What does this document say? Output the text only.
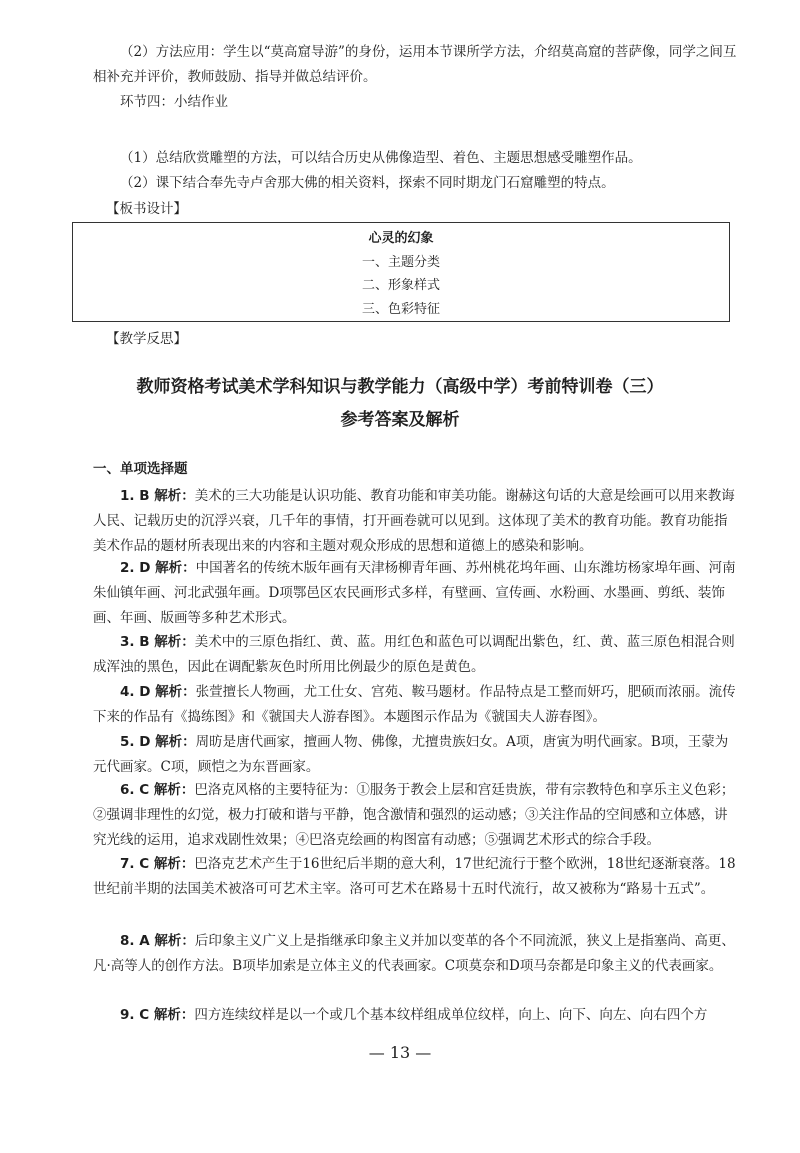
（2）方法应用：学生以“莫高窟导游”的身份，运用本节课所学方法，介绍莫高窟的菩萨像，同学之间互相补充并评价，教师鼓励、指导并做总结评价。

环节四：小结作业

（1）总结欣赏雕塑的方法，可以结合历史从佛像造型、着色、主题思想感受雕塑作品。

（2）课下结合奉先寺卢舍那大佛的相关资料，探索不同时期龙门石窟雕塑的特点。

【板书设计】

心灵的幻象
一、主题分类
二、形象样式
三、色彩特征

【教学反思】

教师资格考试美术学科知识与教学能力（高级中学）考前特训卷（三）
参考答案及解析

一、单项选择题

1. B 解析：美术的三大功能是认识功能、教育功能和审美功能。谢赫这句话的大意是绘画可以用来教诲人民、记载历史的沉浮兴衰，几千年的事情，打开画卷就可以见到。这体现了美术的教育功能。教育功能指美术作品的题材所表现出来的内容和主题对观众形成的思想和道德上的感染和影响。

2. D 解析：中国著名的传统木版年画有天津杨柳青年画、苏州桃花坞年画、山东潍坊杨家埠年画、河南朱仙镇年画、河北武强年画。D项鄂邑区农民画形式多样，有壁画、宣传画、水粉画、水墨画、剪纸、装饰画、年画、版画等多种艺术形式。

3. B 解析：美术中的三原色指红、黄、蓝。用红色和蓝色可以调配出紫色，红、黄、蓝三原色相混合则成浑浊的黑色，因此在调配紫灰色时所用比例最少的原色是黄色。

4. D 解析：张萱擅长人物画，尤工仕女、宫苑、鞍马题材。作品特点是工整而妍巧，肥硕而浓丽。流传下来的作品有《捣练图》和《虢国夫人游春图》。本题图示作品为《虢国夫人游春图》。

5. D 解析：周昉是唐代画家，擅画人物、佛像，尤擅贵族妇女。A项，唐寅为明代画家。B项，王蒙为元代画家。C项，顾恺之为东晋画家。

6. C 解析：巴洛克风格的主要特征为：①服务于教会上层和宫廷贵族，带有宗教特色和享乐主义色彩；②强调非理性的幻觉，极力打破和谐与平静，饱含激情和强烈的运动感；③关注作品的空间感和立体感，讲究光线的运用，追求戏剧性效果；④巴洛克绘画的构图富有动感；⑤强调艺术形式的综合手段。

7. C 解析：巴洛克艺术产生于16世纪后半期的意大利，17世纪流行于整个欧洲，18世纪逐渐衰落。18世纪前半期的法国美术被洛可可艺术主宰。洛可可艺术在路易十五时代流行，故又被称为“路易十五式”。

8. A 解析：后印象主义广义上是指继承印象主义并加以变革的各个不同流派，狭义上是指塞尚、高更、凡·高等人的创作方法。B项毕加索是立体主义的代表画家。C项莫奈和D项马奈都是印象主义的代表画家。

9. C 解析：四方连续纹样是以一个或几个基本纹样组成单位纹样，向上、向下、向左、向右四个方

— 13 —
